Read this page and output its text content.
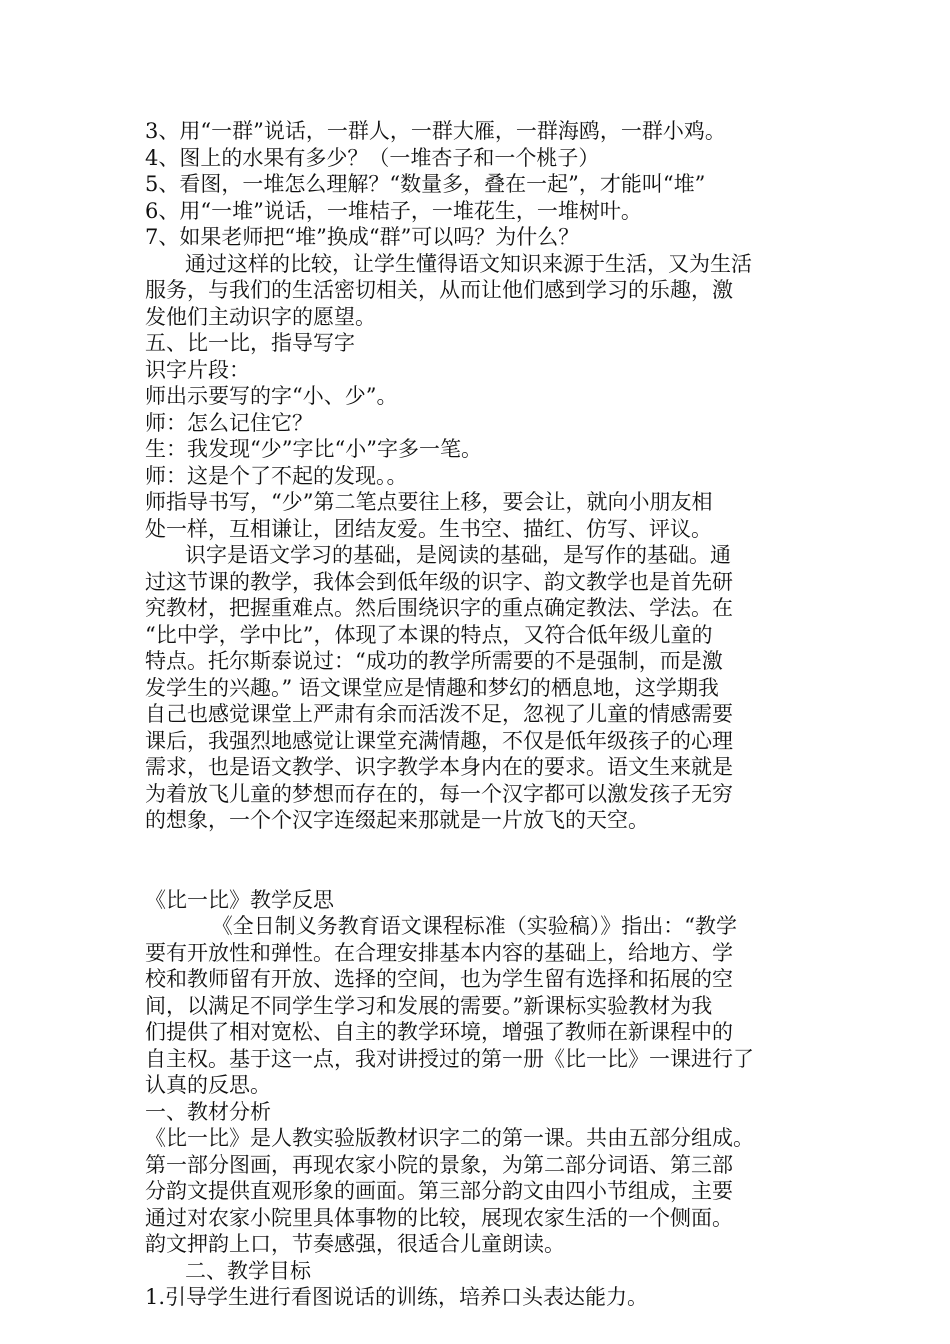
3、用“一群”说话，一群人，一群大雁，一群海鸥，一群小鸡。
4、图上的水果有多少？（一堆杏子和一个桃子）
5、看图，一堆怎么理解？“数量多，叠在一起”，才能叫“堆”
6、用“一堆”说话，一堆桔子，一堆花生，一堆树叶。
7、如果老师把“堆”换成“群”可以吗？为什么？
通过这样的比较，让学生懂得语文知识来源于生活，又为生活
服务，与我们的生活密切相关，从而让他们感到学习的乐趣，激
发他们主动识字的愿望。
五、比一比，指导写字
识字片段：
师出示要写的字“小、少”。
师：怎么记住它？
生：我发现“少”字比“小”字多一笔。
师：这是个了不起的发现。。
师指导书写，“少”第二笔点要往上移，要会让，就向小朋友相
处一样，互相谦让，团结友爱。生书空、描红、仿写、评议。
识字是语文学习的基础，是阅读的基础，是写作的基础。通
过这节课的教学，我体会到低年级的识字、韵文教学也是首先研
究教材，把握重难点。然后围绕识字的重点确定教法、学法。在
“比中学，学中比”，体现了本课的特点，又符合低年级儿童的
特点。托尔斯泰说过：“成功的教学所需要的不是强制，而是激
发学生的兴趣。” 语文课堂应是情趣和梦幻的栖息地，这学期我
自己也感觉课堂上严肃有余而活泼不足，忽视了儿童的情感需要
课后，我强烈地感觉让课堂充满情趣，不仅是低年级孩子的心理
需求，也是语文教学、识字教学本身内在的要求。语文生来就是
为着放飞儿童的梦想而存在的，每一个汉字都可以激发孩子无穷
的想象，一个个汉字连缀起来那就是一片放飞的天空。
《比一比》教学反思
《全日制义务教育语文课程标准（实验稿）》指出：“教学
要有开放性和弹性。在合理安排基本内容的基础上，给地方、学
校和教师留有开放、选择的空间，也为学生留有选择和拓展的空
间，以满足不同学生学习和发展的需要。”新课标实验教材为我
们提供了相对宽松、自主的教学环境，增强了教师在新课程中的
自主权。基于这一点，我对讲授过的第一册《比一比》一课进行了
认真的反思。
一、教材分析
《比一比》是人教实验版教材识字二的第一课。共由五部分组成。
第一部分图画，再现农家小院的景象，为第二部分词语、第三部
分韵文提供直观形象的画面。第三部分韵文由四小节组成，主要
通过对农家小院里具体事物的比较，展现农家生活的一个侧面。
韵文押韵上口，节奏感强，很适合儿童朗读。
二、教学目标
1.引导学生进行看图说话的训练，培养口头表达能力。
